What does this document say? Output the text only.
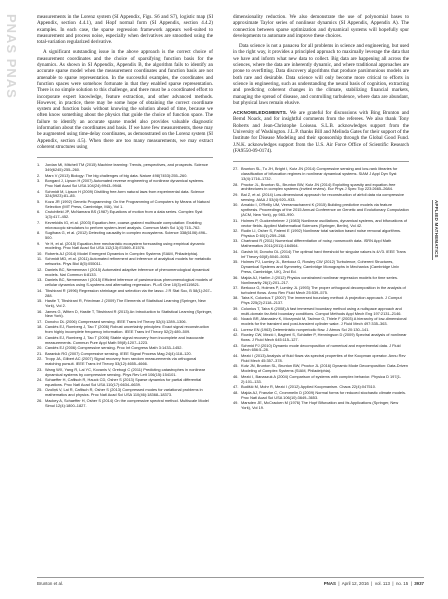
PNAS PNAS	measurements in the Lorenz system (SI Appendix, Figs. S6 and S7), logistic map (SI Appendix, section 4.4.1), and Hopf normal form (SI Appendix, section 4.4.2) examples. In each case, the sparse regression framework appears well-suited to measurement and process noise, especially when derivatives are smoothed using the total-variation regularized derivative.

A significant outstanding issue in the above approach is the correct choice of measurement coordinates and the choice of sparsifying function basis for the dynamics. As shown in SI Appendix, Appendix B, the algorithm fails to identify an accurate sparse model when the measurement coordinates and function basis are not amenable to sparse representation. In the successful examples, the coordinates and function spaces were somehow fortunate in that they enabled sparse representation. There is no simple solution to this challenge, and there must be a coordinated effort to incorporate expert knowledge, feature extraction, and other advanced methods. However, in practice, there may be some hope of obtaining the correct coordinate system and function basis without knowing the solution ahead of time, because we often know something about the physics that guide the choice of function space. The failure to identify an accurate sparse model also provides valuable diagnostic information about the coordinates and basis. If we have few measurements, these may be augmented using time-delay coordinates, as demonstrated on the Lorenz system (SI Appendix, section 4.5). When there are too many measurements, we may extract coherent structures using

1. Jordan MI, Mitchell TM (2015) Machine learning: Trends, perspectives, and prospects. Science 349(6245):255–260.
2. Marx V (2013) Biology: The big challenges of big data. Nature 498(7453):255–260.
3. Bongard J, Lipson H (2007) Automated reverse engineering of nonlinear dynamical systems. Proc Natl Acad Sci USA 104(24):9943–9948.
4. Schmidt M, Lipson H (2009) Distilling free-form natural laws from experimental data. Science 324(5923):81–85.
5. Koza JR (1992) Genetic Programming: On the Programming of Computers by Means of Natural Selection (MIT Press, Cambridge, MA), Vol 1.
6. Crutchfield JP, McNamara BS (1987) Equations of motion from a data series. Complex Syst 1(3):417–452.
7. Kevrekidis IG, et al. (2003) Equation-free, coarse-grained multiscale computation: Enabling microscopic simulators to perform system-level analysis. Commun Math Sci 1(4):715–762.
8. Sugihara G, et al. (2012) Detecting causality in complex ecosystems. Science 338(6106):496–500.
9. Ye H, et al. (2015) Equation-free mechanistic ecosystem forecasting using empirical dynamic modeling. Proc Natl Acad Sci USA 112(13):E1569–E1576.
10. Roberts AJ (2014) Model Emergent Dynamics in Complex Systems (SIAM, Philadelphia).
11. Schmidt MD, et al. (2011) Automated refinement and inference of analytical models for metabolic networks. Phys Biol 8(5):055011.
12. Daniels BC, Nemenman I (2015) Automated adaptive inference of phenomenological dynamical models. Nat Commun 6:8133.
13. Daniels BC, Nemenman I (2015) Efficient inference of parsimonious phenomenological models of cellular dynamics using S-systems and alternating regression. PLoS One 10(3):e0119821.
14. Tibshirani R (1996) Regression shrinkage and selection via the lasso. J R Stat Soc, B 58(1):267–288.
15. Hastie T, Tibshirani R, Friedman J (2009) The Elements of Statistical Learning (Springer, New York), Vol 2.
16. James G, Witten D, Hastie T, Tibshirani R (2013) An Introduction to Statistical Learning (Springer, New York).
17. Donoho DL (2006) Compressed sensing. IEEE Trans Inf Theory 52(4):1289–1306.
18. Candès EJ, Romberg J, Tao T (2006) Robust uncertainty principles: Exact signal reconstruction from highly incomplete frequency information. IEEE Trans Inf Theory 52(2):489–509.
19. Candès EJ, Romberg J, Tao T (2006) Stable signal recovery from incomplete and inaccurate measurements. Commun Pure Appl Math 59(8):1207–1223.
20. Candès EJ (2006) Compressive sensing. Proc Int Congress Math 3:1433–1452.
21. Baraniuk RG (2007) Compressive sensing. IEEE Signal Process Mag 24(4):118–120.
22. Tropp JA, Gilbert AC (2007) Signal recovery from random measurements via orthogonal matching pursuit. IEEE Trans Inf Theory 53(12):4655–4666.
23. Wang WX, Yang R, Lai YC, Kovanis V, Grebogi C (2011) Predicting catastrophes in nonlinear dynamical systems by compressive sensing. Phys Rev Lett 106(15):154101.
24. Schaeffer H, Caflisch R, Hauck CD, Osher S (2013) Sparse dynamics for partial differential equations. Proc Natl Acad Sci USA 110(17):6634–6639.
25. Ozoliņš V, Lai R, Caflisch R, Osher S (2013) Compressed modes for variational problems in mathematics and physics. Proc Natl Acad Sci USA 110(46):18368–18373.
26. Mackey A, Schaeffer H, Osher S (2014) On the compressive spectral method. Multiscale Model Simul 12(4):1800–1827.

dimensionality reduction. We also demonstrate the use of polynomial bases to approximate Taylor series of nonlinear dynamics (SI Appendix, Appendix A). The connection between sparse optimization and dynamical systems will hopefully spur developments to automate and improve these choices.

Data science is not a panacea for all problems in science and engineering, but used in the right way, it provides a principled approach to maximally leverage the data that we have and inform what new data to collect. Big data are happening all across the sciences, where the data are inherently dynamic, and where traditional approaches are prone to overfitting. Data discovery algorithms that produce parsimonious models are both rare and desirable. Data science will only become more critical to efforts in science in engineering, such as understanding the neural basis of cognition, extracting and predicting coherent changes in the climate, stabilizing financial markets, managing the spread of disease, and controlling turbulence, where data are abundant, but physical laws remain elusive.

ACKNOWLEDGMENTS. We are grateful for discussions with Bing Brunton and Bernd Noack, and for insightful comments from the referees. We also thank Tony Roberts and Jean-Christophe Loiseau. S.L.B. acknowledges support from the University of Washington. J.L.P. thanks Bill and Melinda Gates for their support of the Institute for Disease Modeling and their sponsorship through the Global Good Fund. J.N.K. acknowledges support from the U.S. Air Force Office of Scientific Research (FA9550-09-0174).

27. Brunton SL, Tu JH, Bright I, Kutz JN (2014) Compressive sensing and low-rank libraries for classification of bifurcation regimes in nonlinear dynamical systems. SIAM J Appl Dyn Syst 13(4):1716–1732.
28. Proctor JL, Brunton SL, Brunton BW, Kutz JN (2014) Exploiting sparsity and equation-free architectures in complex systems (invited review). Eur Phys J Spec Top 223:2665–2684.
29. Bai Z, et al. (2014) Low-dimensional approach for reconstruction of airfoil data via compressive sensing. AIAA J 53(4):920–933.
30. Arnaldo I, O'Reilly UM, Veeramachaneni K (2015) Building predictive models via feature synthesis. Proceedings of the 2015 Annual Conference on Genetic and Evolutionary Computation (ACM, New York), pp 983–990.
31. Holmes P, Guckenheimer J (1983) Nonlinear oscillations, dynamical systems, and bifurcations of vector fields. Applied Mathematical Sciences (Springer, Berlin), Vol 42.
32. Rudin LI, Osher S, Fatemi E (1992) Nonlinear total variation based noise removal algorithms. Physica D 60(1):259–268.
33. Chartrand R (2011) Numerical differentiation of noisy, nonsmooth data. ISRN Appl Math Mathematics 2011(2011):164564.
34. Gavish M, Donoho DL (2014) The optimal hard threshold for singular values is 4/√3. IEEE Trans Inf Theory 60(8):5040–5053.
35. Holmes PJ, Lumley JL, Berkooz G, Rowley CW (2012) Turbulence, Coherent Structures, Dynamical Systems and Symmetry, Cambridge Monographs in Mechanics (Cambridge Univ Press, Cambridge, UK), 2nd Ed.
36. Majda AJ, Harlim J (2012) Physics constrained nonlinear regression models for time series. Nonlinearity 26(1):201–217.
37. Berkooz G, Holmes P, Lumley JL (1993) The proper orthogonal decomposition in the analysis of turbulent flows. Annu Rev Fluid Mech 25:539–575.
38. Taira K, Colonius T (2007) The immersed boundary method: A projection approach. J Comput Phys 225(2):2118–2137.
39. Colonius T, Taira K (2008) A fast immersed boundary method using a nullspace approach and multi-domain far-field boundary conditions. Comput Methods Appl Mech Eng 197:2131–2146.
40. Noack BR, Afanasiev K, Morzynski M, Tadmor G, Thiele F (2003) A hierarchy of low-dimensional models for the transient and post-transient cylinder wake. J Fluid Mech 497:335–363.
41. Lorenz EN (1963) Deterministic nonperiodic flow. J Atmos Sci 20:130–141.
42. Rowley CW, Mezić I, Bagheri S, Schlatter P, Henningson D (2009) Spectral analysis of nonlinear flows. J Fluid Mech 645:115–127.
43. Schmid PJ (2010) Dynamic mode decomposition of numerical and experimental data. J Fluid Mech 656:5–28.
44. Mezić I (2013) Analysis of fluid flows via spectral properties of the Koopman operator. Annu Rev Fluid Mech 45:357–378.
45. Kutz JN, Brunton SL, Brunton BW, Proctor JL (2016) Dynamic Mode Decomposition: Data-Driven Modeling of Complex Systems (SIAM, Philadelphia).
46. Mezić I, Banaszuk A (2004) Comparison of systems with complex behavior. Physica D 197(1-2):101–133.
47. Budišić M, Mohr R, Mezić I (2012) Applied Koopmanism. Chaos 22(4):047510.
48. Majda AJ, Franzke C, Crommelin D (2009) Normal forms for reduced stochastic climate models. Proc Natl Acad Sci USA 106(10):3649–3653.
49. Marsden JE, McCracken M (1976) The Hopf Bifurcation and Its Applications (Springer, New York), Vol 19.
APPLIED MATHEMATICS
Brunton et al.	PNAS  |  April 12, 2016  |  vol. 113  |  no. 15  |  3937
